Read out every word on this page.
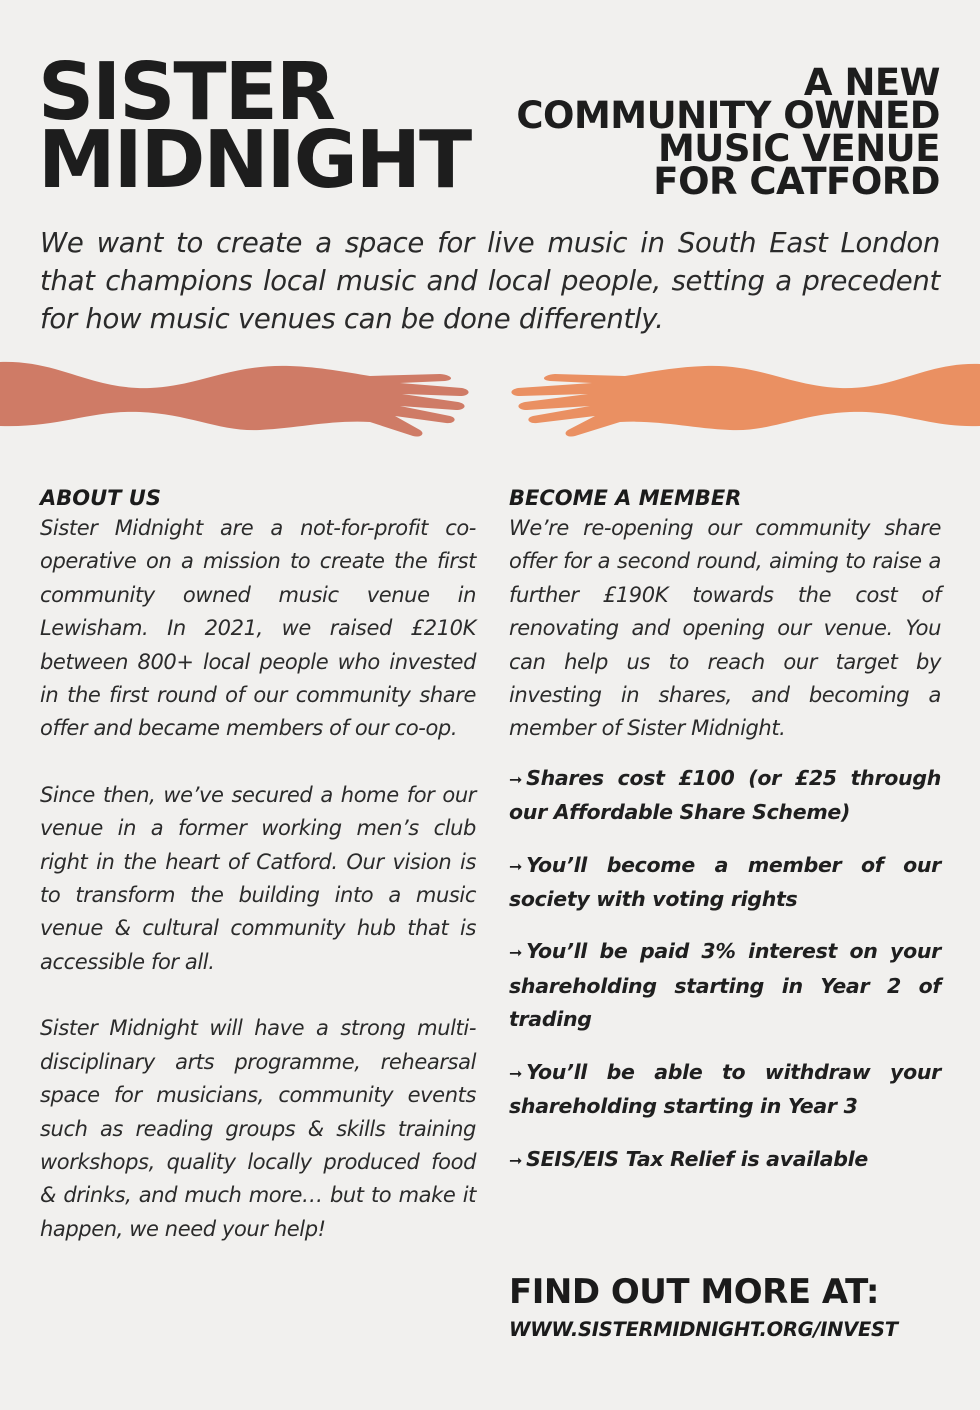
SISTER
MIDNIGHT
A NEW
COMMUNITY OWNED
MUSIC VENUE
FOR CATFORD

We want to create a space for live music in South East London that champions local music and local people, setting a precedent for how music venues can be done differently.

ABOUT US

Sister Midnight are a not-for-profit co-operative on a mission to create the first community owned music venue in Lewisham. In 2021, we raised £210K between 800+ local people who invested in the first round of our community share offer and became members of our co-op.

Since then, we’ve secured a home for our venue in a former working men’s club right in the heart of Catford. Our vision is to transform the building into a music venue & cultural community hub that is accessible for all.

Sister Midnight will have a strong multi-disciplinary arts programme, rehearsal space for musicians, community events such as reading groups & skills training workshops, quality locally produced food & drinks, and much more… but to make it happen, we need your help!

BECOME A MEMBER

We’re re-opening our community share offer for a second round, aiming to raise a further £190K towards the cost of renovating and opening our venue. You can help us to reach our target by investing in shares, and becoming a member of Sister Midnight.

➞ Shares cost £100 (or £25 through our Affordable Share Scheme)

➞ You’ll become a member of our society with voting rights

➞ You’ll be paid 3% interest on your shareholding starting in Year 2 of trading

➞ You’ll be able to withdraw your shareholding starting in Year 3

➞ SEIS/EIS Tax Relief is available

FIND OUT MORE AT:
WWW.SISTERMIDNIGHT.ORG/INVEST
